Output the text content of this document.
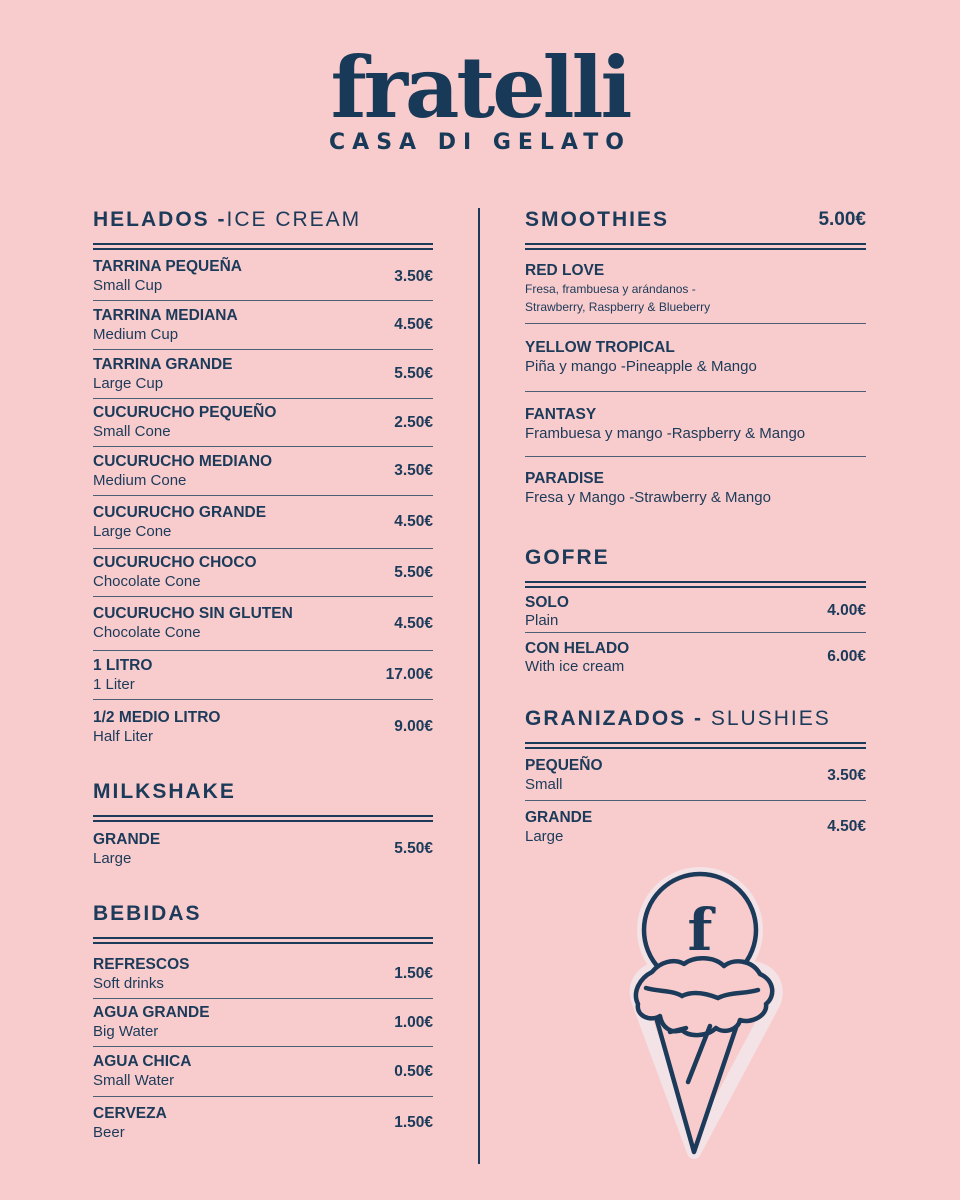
fratelli
CASA DI GELATO
HELADOS -ICE CREAM
TARRINA PEQUEÑA
Small Cup
3.50€
TARRINA MEDIANA
Medium Cup
4.50€
TARRINA GRANDE
Large Cup
5.50€
CUCURUCHO PEQUEÑO
Small Cone
2.50€
CUCURUCHO MEDIANO
Medium Cone
3.50€
CUCURUCHO GRANDE
Large Cone
4.50€
CUCURUCHO CHOCO
Chocolate Cone
5.50€
CUCURUCHO SIN GLUTEN
Chocolate Cone
4.50€
1 LITRO
1 Liter
17.00€
1/2 MEDIO LITRO
Half Liter
9.00€
MILKSHAKE
GRANDE
Large
5.50€
BEBIDAS
REFRESCOS
Soft drinks
1.50€
AGUA GRANDE
Big Water
1.00€
AGUA CHICA
Small Water
0.50€
CERVEZA
Beer
1.50€
SMOOTHIES	5.00€
RED LOVE
Fresa, frambuesa y arándanos -
Strawberry, Raspberry & Blueberry
YELLOW TROPICAL
Piña y mango -Pineapple & Mango
FANTASY
Frambuesa y mango -Raspberry & Mango
PARADISE
Fresa y Mango -Strawberry & Mango
GOFRE
SOLO
Plain
4.00€
CON HELADO
With ice cream
6.00€
GRANIZADOS - SLUSHIES
PEQUEÑO
Small
3.50€
GRANDE
Large
4.50€
f
